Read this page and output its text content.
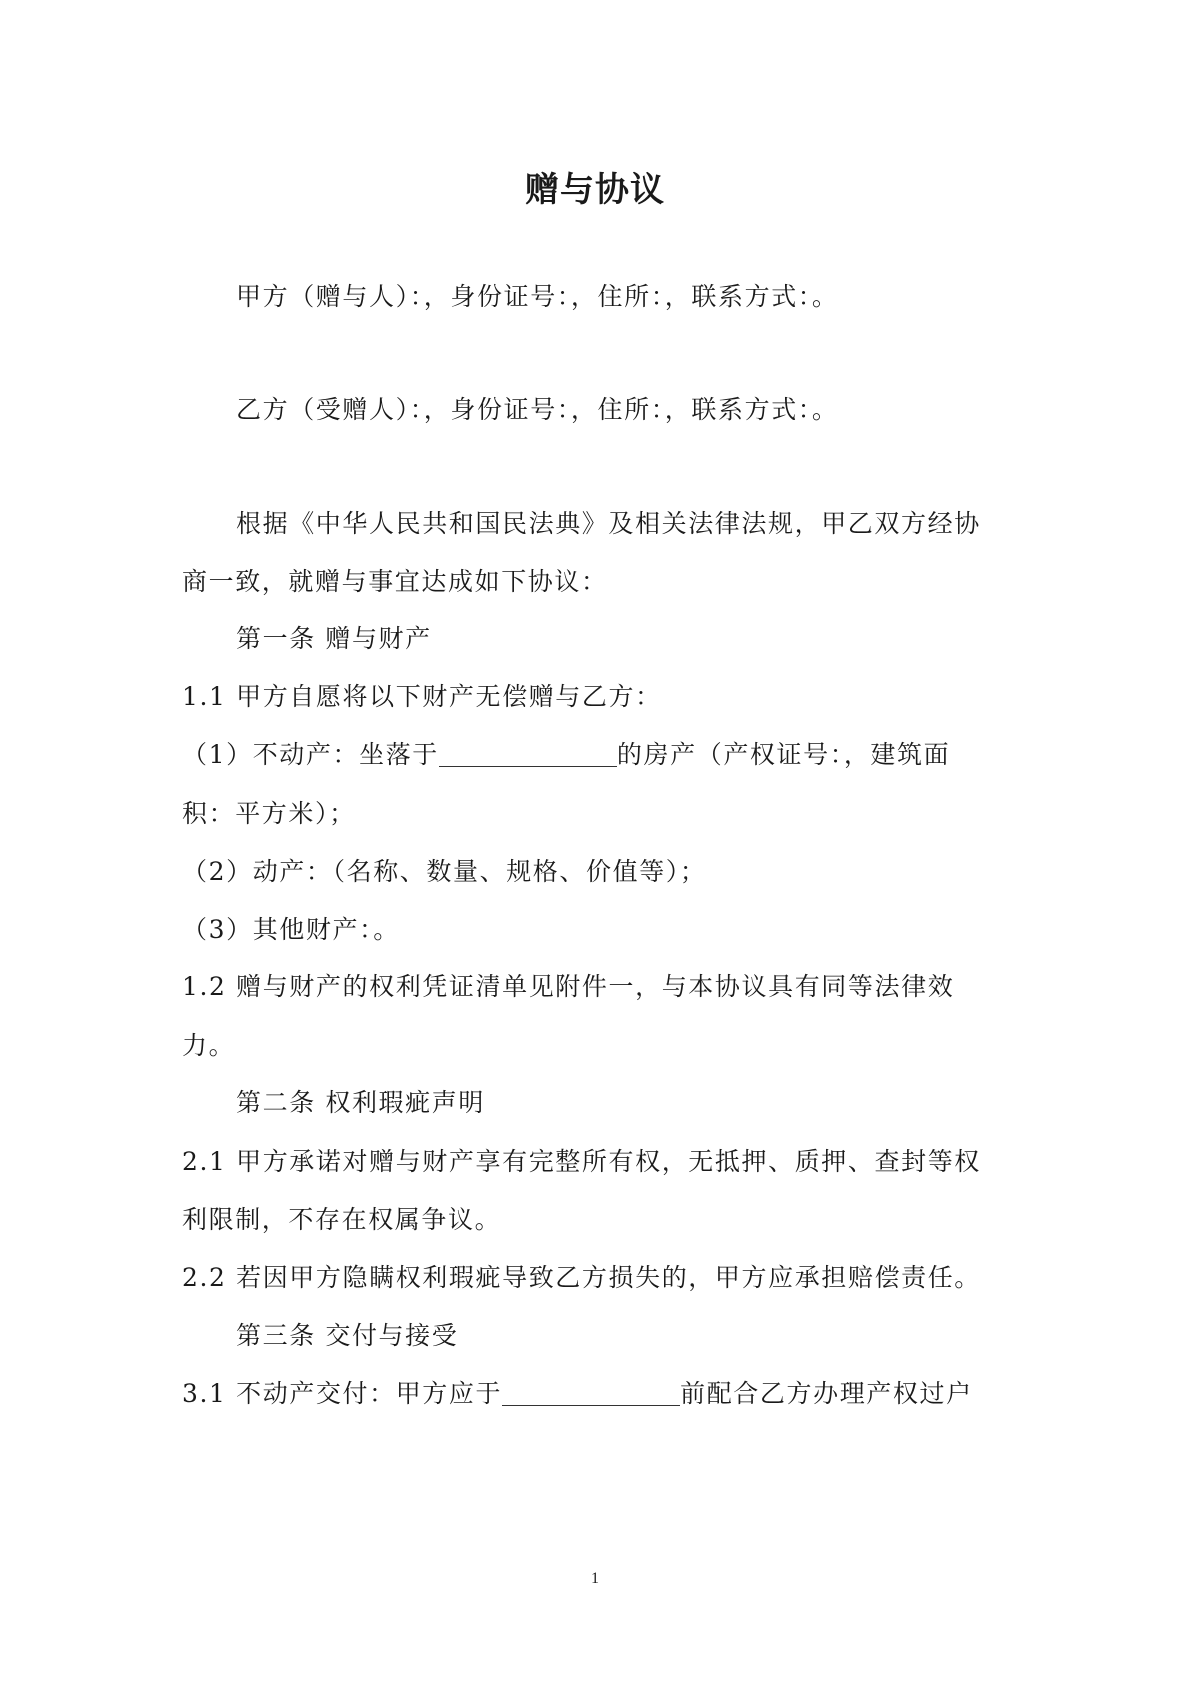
赠与协议
甲方（赠与人）：，身份证号：，住所：，联系方式：。
乙方（受赠人）：，身份证号：，住所：，联系方式：。
根据《中华人民共和国民法典》及相关法律法规，甲乙双方经协
商一致，就赠与事宜达成如下协议：
第一条 赠与财产
1.1 甲方自愿将以下财产无偿赠与乙方：
（1）不动产：坐落于	的房产（产权证号：，建筑面
积：平方米）；
（2）动产：（名称、数量、规格、价值等）；
（3）其他财产：。
1.2 赠与财产的权利凭证清单见附件一，与本协议具有同等法律效
力。
第二条 权利瑕疵声明
2.1 甲方承诺对赠与财产享有完整所有权，无抵押、质押、查封等权
利限制，不存在权属争议。
2.2 若因甲方隐瞒权利瑕疵导致乙方损失的，甲方应承担赔偿责任。
第三条 交付与接受
3.1 不动产交付：甲方应于	前配合乙方办理产权过户
1
